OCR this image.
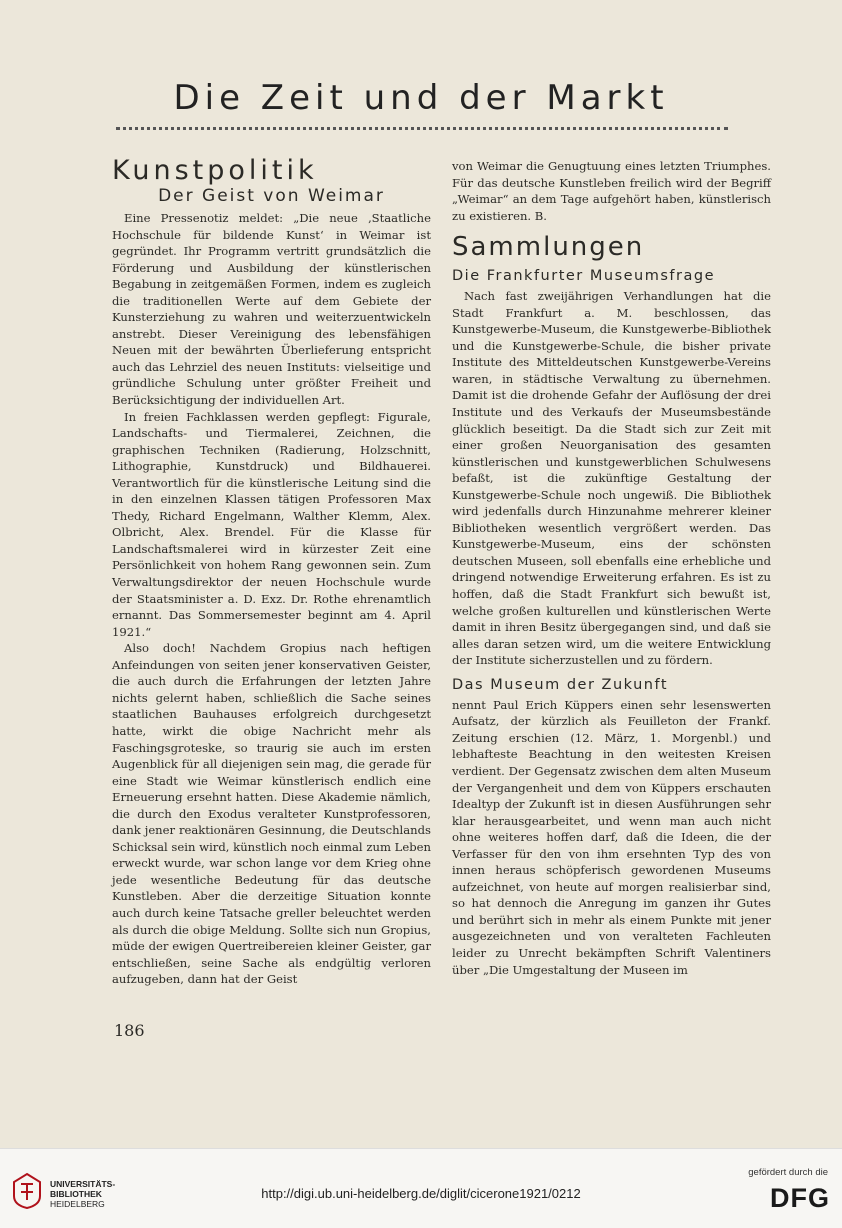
Die Zeit und der Markt
Kunstpolitik
Der Geist von Weimar

Eine Pressenotiz meldet: „Die neue ‚Staatliche Hochschule für bildende Kunst‘ in Weimar ist gegründet. Ihr Programm vertritt grundsätzlich die Förderung und Ausbildung der künstlerischen Begabung in zeitgemäßen Formen, indem es zugleich die traditionellen Werte auf dem Gebiete der Kunsterziehung zu wahren und weiterzuentwickeln anstrebt. Dieser Vereinigung des lebensfähigen Neuen mit der bewährten Überlieferung entspricht auch das Lehrziel des neuen Instituts: vielseitige und gründliche Schulung unter größter Freiheit und Berücksichtigung der individuellen Art.

In freien Fachklassen werden gepflegt: Figurale, Landschafts- und Tiermalerei, Zeichnen, die graphischen Techniken (Radierung, Holzschnitt, Lithographie, Kunstdruck) und Bildhauerei. Verantwortlich für die künstlerische Leitung sind die in den einzelnen Klassen tätigen Professoren Max Thedy, Richard Engelmann, Walther Klemm, Alex. Olbricht, Alex. Brendel. Für die Klasse für Landschaftsmalerei wird in kürzester Zeit eine Persönlichkeit von hohem Rang gewonnen sein. Zum Verwaltungsdirektor der neuen Hochschule wurde der Staatsminister a. D. Exz. Dr. Rothe ehrenamtlich ernannt. Das Sommersemester beginnt am 4. April 1921.“

Also doch! Nachdem Gropius nach heftigen Anfeindungen von seiten jener konservativen Geister, die auch durch die Erfahrungen der letzten Jahre nichts gelernt haben, schließlich die Sache seines staatlichen Bauhauses erfolgreich durchgesetzt hatte, wirkt die obige Nachricht mehr als Faschingsgroteske, so traurig sie auch im ersten Augenblick für all diejenigen sein mag, die gerade für eine Stadt wie Weimar künstlerisch endlich eine Erneuerung ersehnt hatten. Diese Akademie nämlich, die durch den Exodus veralteter Kunstprofessoren, dank jener reaktionären Gesinnung, die Deutschlands Schicksal sein wird, künstlich noch einmal zum Leben erweckt wurde, war schon lange vor dem Krieg ohne jede wesentliche Bedeutung für das deutsche Kunstleben. Aber die derzeitige Situation konnte auch durch keine Tatsache greller beleuchtet werden als durch die obige Meldung. Sollte sich nun Gropius, müde der ewigen Quertreibereien kleiner Geister, gar entschließen, seine Sache als endgültig verloren aufzugeben, dann hat der Geist

von Weimar die Genugtuung eines letzten Triumphes. Für das deutsche Kunstleben freilich wird der Begriff „Weimar“ an dem Tage aufgehört haben, künstlerisch zu existieren. B.

Sammlungen
Die Frankfurter Museumsfrage

Nach fast zweijährigen Verhandlungen hat die Stadt Frankfurt a. M. beschlossen, das Kunstgewerbe-Museum, die Kunstgewerbe-Bibliothek und die Kunstgewerbe-Schule, die bisher private Institute des Mitteldeutschen Kunstgewerbe-Vereins waren, in städtische Verwaltung zu übernehmen. Damit ist die drohende Gefahr der Auflösung der drei Institute und des Verkaufs der Museumsbestände glücklich beseitigt. Da die Stadt sich zur Zeit mit einer großen Neuorganisation des gesamten künstlerischen und kunstgewerblichen Schulwesens befaßt, ist die zukünftige Gestaltung der Kunstgewerbe-Schule noch ungewiß. Die Bibliothek wird jedenfalls durch Hinzunahme mehrerer kleiner Bibliotheken wesentlich vergrößert werden. Das Kunstgewerbe-Museum, eins der schönsten deutschen Museen, soll ebenfalls eine erhebliche und dringend notwendige Erweiterung erfahren. Es ist zu hoffen, daß die Stadt Frankfurt sich bewußt ist, welche großen kulturellen und künstlerischen Werte damit in ihren Besitz übergegangen sind, und daß sie alles daran setzen wird, um die weitere Entwicklung der Institute sicherzustellen und zu fördern.

Das Museum der Zukunft

nennt Paul Erich Küppers einen sehr lesenswerten Aufsatz, der kürzlich als Feuilleton der Frankf. Zeitung erschien (12. März, 1. Morgenbl.) und lebhafteste Beachtung in den weitesten Kreisen verdient. Der Gegensatz zwischen dem alten Museum der Vergangenheit und dem von Küppers erschauten Idealtyp der Zukunft ist in diesen Ausführungen sehr klar herausgearbeitet, und wenn man auch nicht ohne weiteres hoffen darf, daß die Ideen, die der Verfasser für den von ihm ersehnten Typ des von innen heraus schöpferisch gewordenen Museums aufzeichnet, von heute auf morgen realisierbar sind, so hat dennoch die Anregung im ganzen ihr Gutes und berührt sich in mehr als einem Punkte mit jener ausgezeichneten und von veralteten Fachleuten leider zu Unrecht bekämpften Schrift Valentiners über „Die Umgestaltung der Museen im

186
UNIVERSITÄTS-
BIBLIOTHEK
HEIDELBERG
http://digi.ub.uni-heidelberg.de/diglit/cicerone1921/0212
gefördert durch die
DFG
